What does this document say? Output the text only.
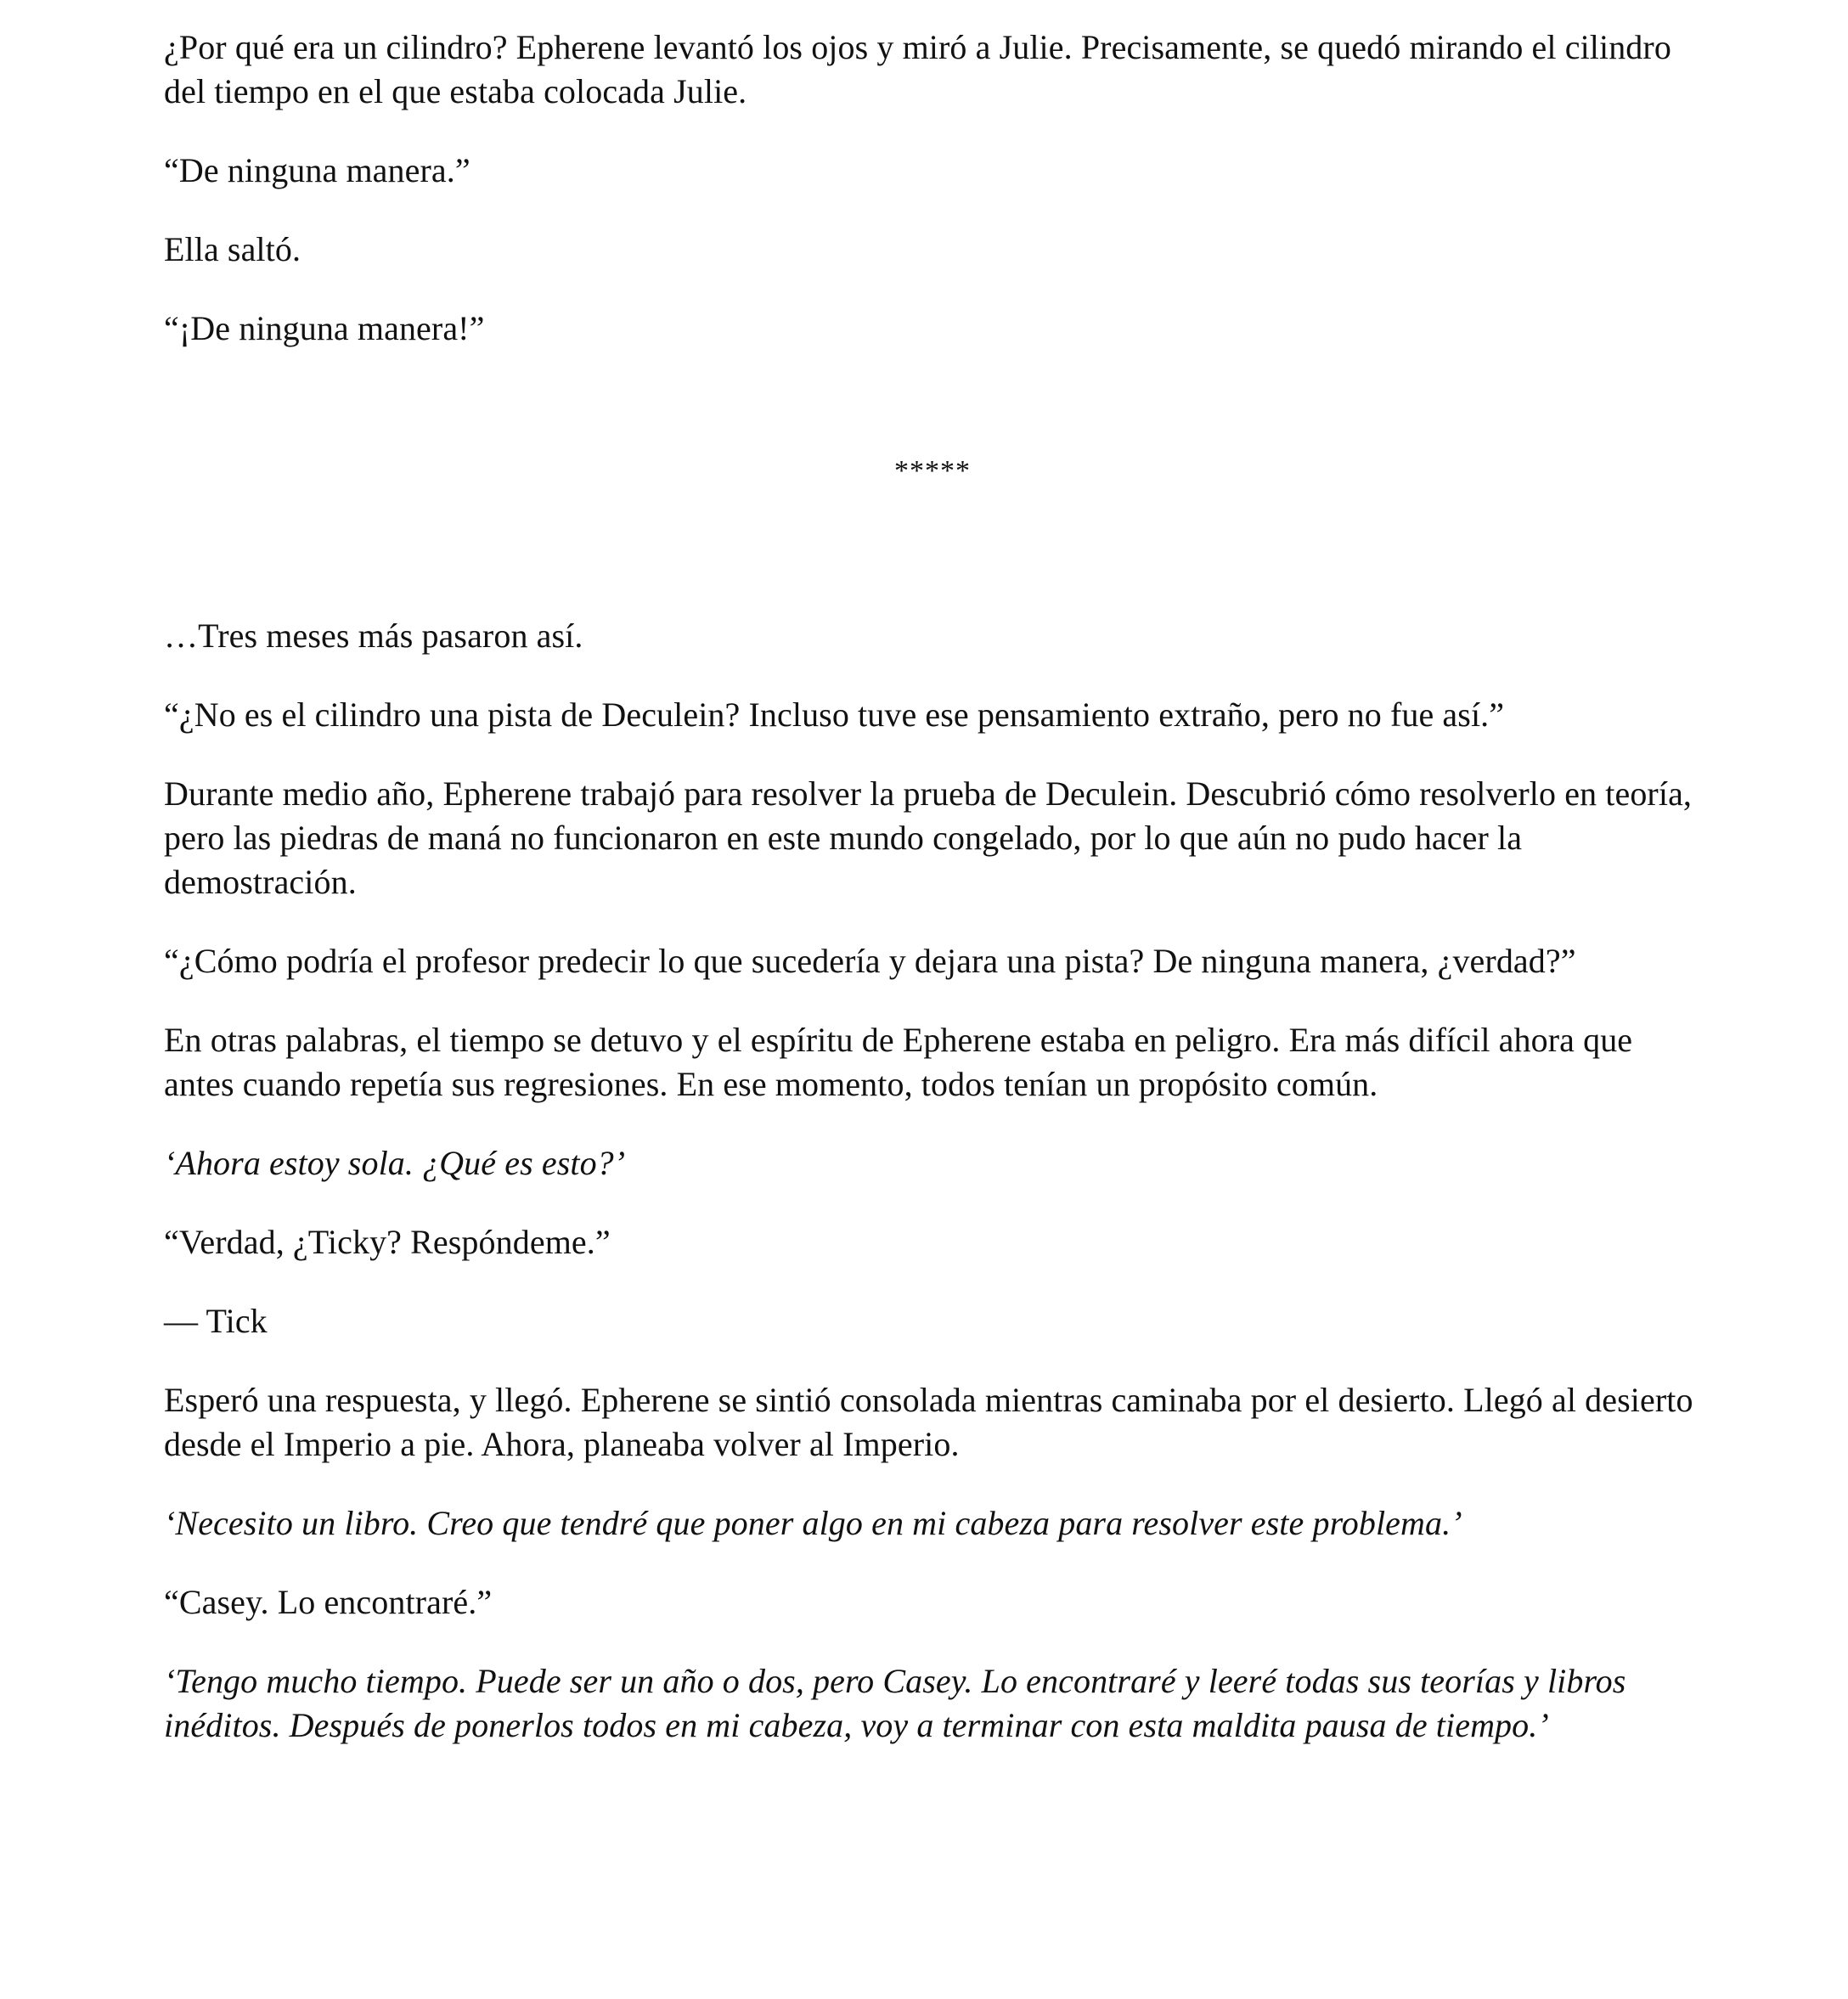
¿Por qué era un cilindro? Epherene levantó los ojos y miró a Julie. Precisamente, se quedó mirando el cilindro del tiempo en el que estaba colocada Julie.

“De ninguna manera.”

Ella saltó.

“¡De ninguna manera!”

*****

…Tres meses más pasaron así.

“¿No es el cilindro una pista de Deculein? Incluso tuve ese pensamiento extraño, pero no fue así.”

Durante medio año, Epherene trabajó para resolver la prueba de Deculein. Descubrió cómo resolverlo en teoría, pero las piedras de maná no funcionaron en este mundo congelado, por lo que aún no pudo hacer la demostración.

“¿Cómo podría el profesor predecir lo que sucedería y dejara una pista? De ninguna manera, ¿verdad?”

En otras palabras, el tiempo se detuvo y el espíritu de Epherene estaba en peligro. Era más difícil ahora que antes cuando repetía sus regresiones. En ese momento, todos tenían un propósito común.

‘Ahora estoy sola. ¿Qué es esto?’

“Verdad, ¿Ticky? Respóndeme.”

— Tick

Esperó una respuesta, y llegó. Epherene se sintió consolada mientras caminaba por el desierto. Llegó al desierto desde el Imperio a pie. Ahora, planeaba volver al Imperio.

‘Necesito un libro. Creo que tendré que poner algo en mi cabeza para resolver este problema.’

“Casey. Lo encontraré.”

‘Tengo mucho tiempo. Puede ser un año o dos, pero Casey. Lo encontraré y leeré todas sus teorías y libros inéditos. Después de ponerlos todos en mi cabeza, voy a terminar con esta maldita pausa de tiempo.’
